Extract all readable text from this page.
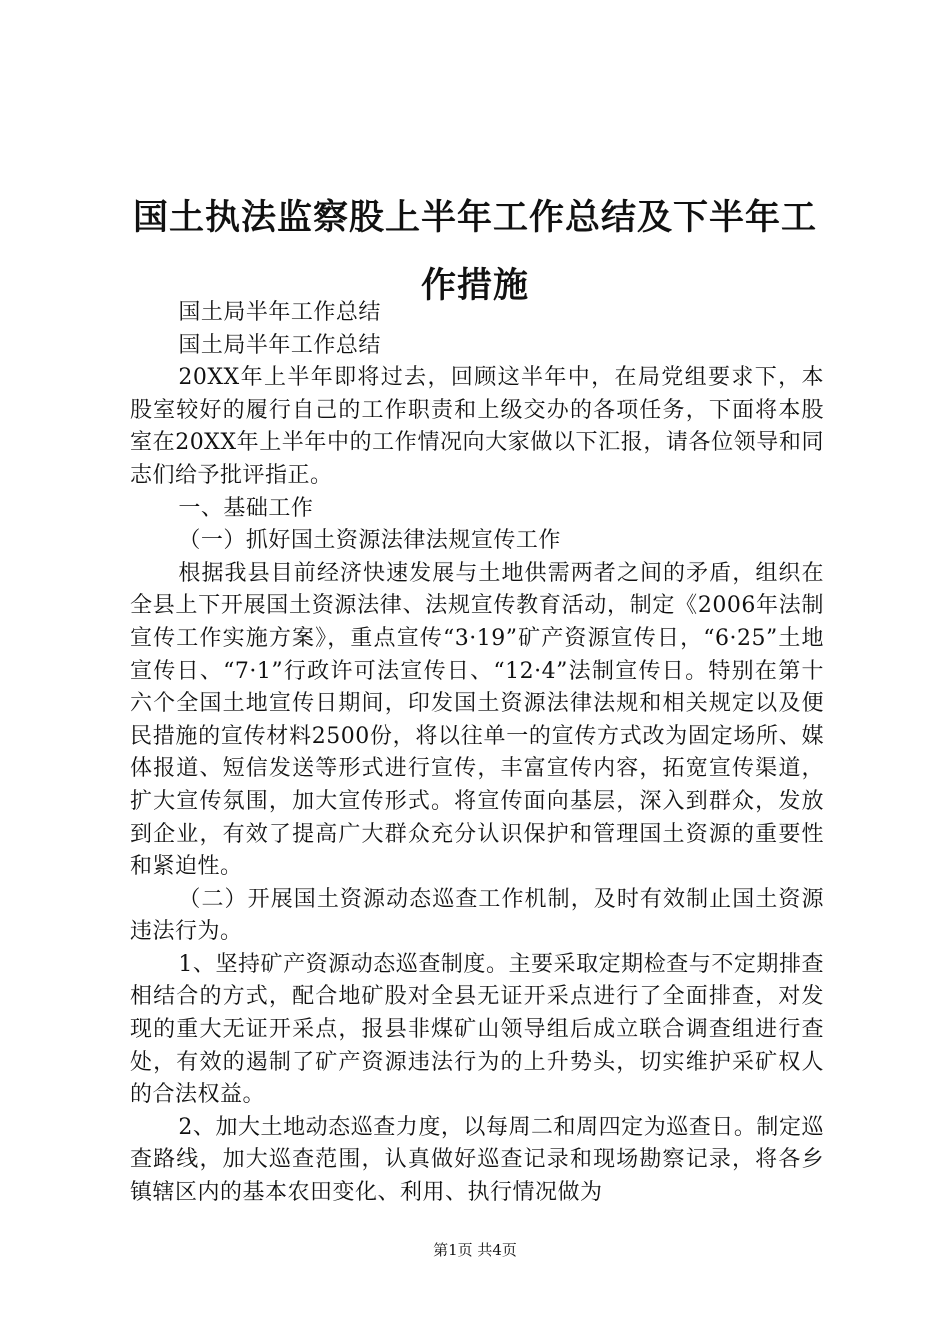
国土执法监察股上半年工作总结及下半年工作措施

国土局半年工作总结

国土局半年工作总结

20XX年上半年即将过去，回顾这半年中，在局党组要求下，本股室较好的履行自己的工作职责和上级交办的各项任务，下面将本股室在20XX年上半年中的工作情况向大家做以下汇报，请各位领导和同志们给予批评指正。

一、基础工作

（一）抓好国土资源法律法规宣传工作

根据我县目前经济快速发展与土地供需两者之间的矛盾，组织在全县上下开展国土资源法律、法规宣传教育活动，制定《2006年法制宣传工作实施方案》，重点宣传“3·19”矿产资源宣传日，“6·25”土地宣传日、“7·1”行政许可法宣传日、“12·4”法制宣传日。特别在第十六个全国土地宣传日期间，印发国土资源法律法规和相关规定以及便民措施的宣传材料2500份，将以往单一的宣传方式改为固定场所、媒体报道、短信发送等形式进行宣传，丰富宣传内容，拓宽宣传渠道，扩大宣传氛围，加大宣传形式。将宣传面向基层，深入到群众，发放到企业，有效了提高广大群众充分认识保护和管理国土资源的重要性和紧迫性。

（二）开展国土资源动态巡查工作机制，及时有效制止国土资源违法行为。

1、坚持矿产资源动态巡查制度。主要采取定期检查与不定期排查相结合的方式，配合地矿股对全县无证开采点进行了全面排查，对发现的重大无证开采点，报县非煤矿山领导组后成立联合调查组进行查处，有效的遏制了矿产资源违法行为的上升势头，切实维护采矿权人的合法权益。

2、加大土地动态巡查力度，以每周二和周四定为巡查日。制定巡查路线，加大巡查范围，认真做好巡查记录和现场勘察记录，将各乡镇辖区内的基本农田变化、利用、执行情况做为

第1页 共4页
